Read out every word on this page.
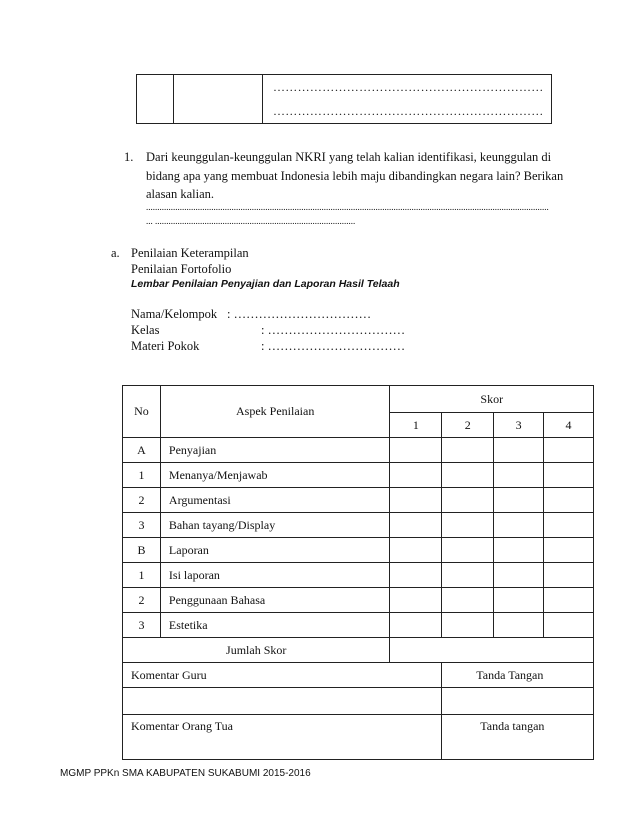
…………………………………………………………

…………………………………………………………
1. Dari keunggulan-keunggulan NKRI yang telah kalian identifikasi, keunggulan di
bidang apa yang membuat Indonesia lebih maju dibandingkan negara lain? Berikan
alasan kalian.
...................................................................................................................................................................................
... .........................................................................................
a. Penilaian Keterampilan
Penilaian Fortofolio
Lembar Penilaian Penyajian dan Laporan Hasil Telaah
Nama/Kelompok : ……………………………
Kelas	: ……………………………
Materi Pokok	: ……………………………
No	Aspek Penilaian	Skor			
		1	2	3	4
A	Penyajian				
1	Menanya/Menjawab				
2	Argumentasi				
3	Bahan tayang/Display				
B	Laporan				
1	Isi laporan				
2	Penggunaan Bahasa				
3	Estetika				
Jumlah Skor					
Komentar Guru			Tanda Tangan		

Komentar Orang Tua			Tanda tangan		
MGMP PPKn SMA KABUPATEN SUKABUMI 2015-2016
